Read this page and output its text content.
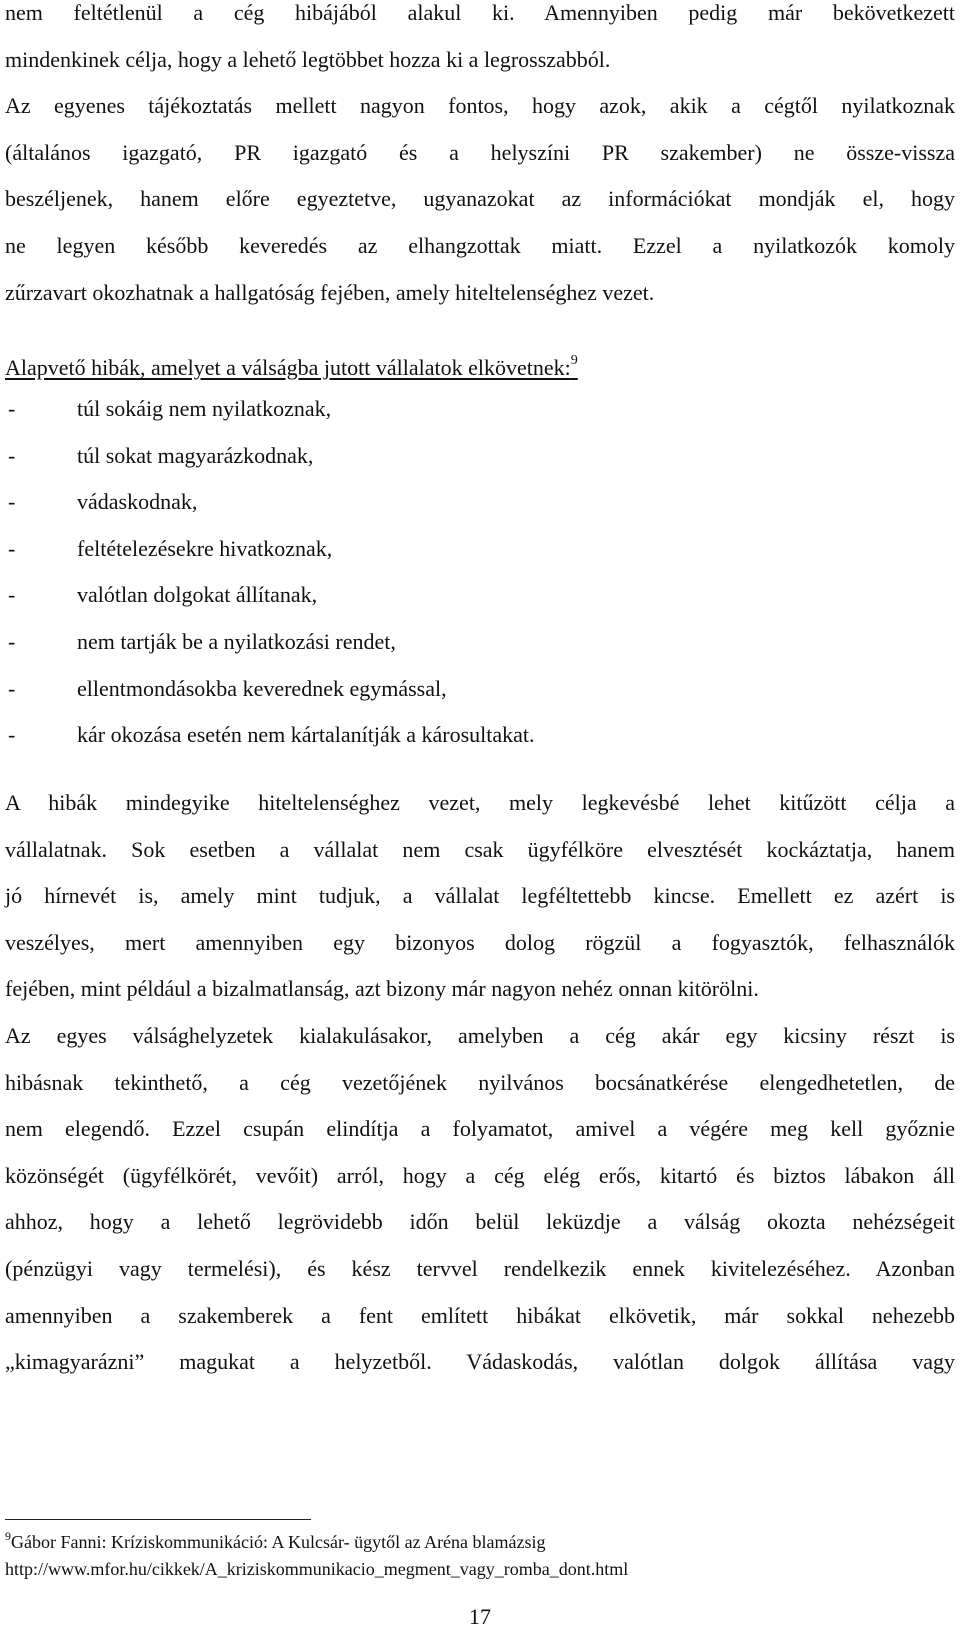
nem feltétlenül a cég hibájából alakul ki. Amennyiben pedig már bekövetkezett
mindenkinek célja, hogy a lehető legtöbbet hozza ki a legrosszabból.
Az egyenes tájékoztatás mellett nagyon fontos, hogy azok, akik a cégtől nyilatkoznak
(általános igazgató, PR igazgató és a helyszíni PR szakember) ne össze-vissza
beszéljenek, hanem előre egyeztetve, ugyanazokat az információkat mondják el, hogy
ne legyen később keveredés az elhangzottak miatt. Ezzel a nyilatkozók komoly
zűrzavart okozhatnak a hallgatóság fejében, amely hiteltelenséghez vezet.
Alapvető hibák, amelyet a válságba jutott vállalatok elkövetnek:$^9$
-	túl sokáig nem nyilatkoznak,
-	túl sokat magyarázkodnak,
-	vádaskodnak,
-	feltételezésekre hivatkoznak,
-	valótlan dolgokat állítanak,
-	nem tartják be a nyilatkozási rendet,
-	ellentmondásokba keverednek egymással,
-	kár okozása esetén nem kártalanítják a károsultakat.
A hibák mindegyike hiteltelenséghez vezet, mely legkevésbé lehet kitűzött célja a
vállalatnak. Sok esetben a vállalat nem csak ügyfélköre elvesztését kockáztatja, hanem
jó hírnevét is, amely mint tudjuk, a vállalat legféltettebb kincse. Emellett ez azért is
veszélyes, mert amennyiben egy bizonyos dolog rögzül a fogyasztók, felhasználók
fejében, mint például a bizalmatlanság, azt bizony már nagyon nehéz onnan kitörölni.
Az egyes válsághelyzetek kialakulásakor, amelyben a cég akár egy kicsiny részt is
hibásnak tekinthető, a cég vezetőjének nyilvános bocsánatkérése elengedhetetlen, de
nem elegendő. Ezzel csupán elindítja a folyamatot, amivel a végére meg kell győznie
közönségét (ügyfélkörét, vevőit) arról, hogy a cég elég erős, kitartó és biztos lábakon áll
ahhoz, hogy a lehető legrövidebb időn belül leküzdje a válság okozta nehézségeit
(pénzügyi vagy termelési), és kész tervvel rendelkezik ennek kivitelezéséhez. Azonban
amennyiben a szakemberek a fent említett hibákat elkövetik, már sokkal nehezebb
„kimagyarázni” magukat a helyzetből. Vádaskodás, valótlan dolgok állítása vagy
$^9$Gábor Fanni: Kríziskommunikáció: A Kulcsár- ügytől az Aréna blamázsig
http://www.mfor.hu/cikkek/A_kriziskommunikacio_megment_vagy_romba_dont.html
17
